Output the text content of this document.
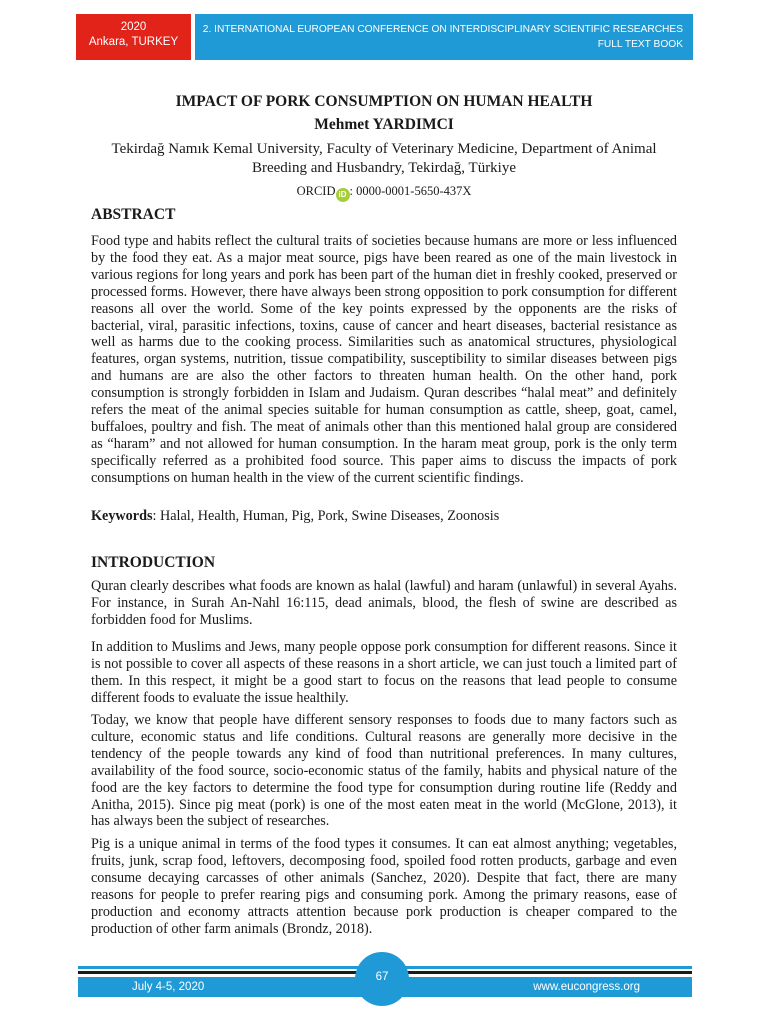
2020
Ankara, TURKEY
2. INTERNATIONAL EUROPEAN CONFERENCE ON INTERDISCIPLINARY SCIENTIFIC RESEARCHES
FULL TEXT BOOK
IMPACT OF PORK CONSUMPTION ON HUMAN HEALTH
Mehmet YARDIMCI
Tekirdağ Namık Kemal University, Faculty of Veterinary Medicine, Department of Animal Breeding and Husbandry, Tekirdağ, Türkiye
ORCID iD : 0000-0001-5650-437X
ABSTRACT

Food type and habits reflect the cultural traits of societies because humans are more or less influenced by the food they eat. As a major meat source, pigs have been reared as one of the main livestock in various regions for long years and pork has been part of the human diet in freshly cooked, preserved or processed forms. However, there have always been strong opposition to pork consumption for different reasons all over the world. Some of the key points expressed by the opponents are the risks of bacterial, viral, parasitic infections, toxins, cause of cancer and heart diseases, bacterial resistance as well as harms due to the cooking process. Similarities such as anatomical structures, physiological features, organ systems, nutrition, tissue compatibility, susceptibility to similar diseases between pigs and humans are are also the other factors to threaten human health. On the other hand, pork consumption is strongly forbidden in Islam and Judaism. Quran describes “halal meat” and definitely refers the meat of the animal species suitable for human consumption as cattle, sheep, goat, camel, buffaloes, poultry and fish. The meat of animals other than this mentioned halal group are considered as “haram” and not allowed for human consumption. In the haram meat group, pork is the only term specifically referred as a prohibited food source. This paper aims to discuss the impacts of pork consumptions on human health in the view of the current scientific findings.

Keywords: Halal, Health, Human, Pig, Pork, Swine Diseases, Zoonosis
INTRODUCTION

Quran clearly describes what foods are known as halal (lawful) and haram (unlawful) in several Ayahs. For instance, in Surah An-Nahl 16:115, dead animals, blood, the flesh of swine are described as forbidden food for Muslims.

In addition to Muslims and Jews, many people oppose pork consumption for different reasons. Since it is not possible to cover all aspects of these reasons in a short article, we can just touch a limited part of them. In this respect, it might be a good start to focus on the reasons that lead people to consume different foods to evaluate the issue healthily.

Today, we know that people have different sensory responses to foods due to many factors such as culture, economic status and life conditions. Cultural reasons are generally more decisive in the tendency of the people towards any kind of food than nutritional preferences. In many cultures, availability of the food source, socio-economic status of the family, habits and physical nature of the food are the key factors to determine the food type for consumption during routine life (Reddy and Anitha, 2015). Since pig meat (pork) is one of the most eaten meat in the world (McGlone, 2013), it has always been the subject of researches.

Pig is a unique animal in terms of the food types it consumes. It can eat almost anything; vegetables, fruits, junk, scrap food, leftovers, decomposing food, spoiled food rotten products, garbage and even consume decaying carcasses of other animals (Sanchez, 2020). Despite that fact, there are many reasons for people to prefer rearing pigs and consuming pork. Among the primary reasons, ease of production and economy attracts attention because pork production is cheaper compared to the production of other farm animals (Brondz, 2018).

July 4-5, 2020	www.eucongress.org
67
